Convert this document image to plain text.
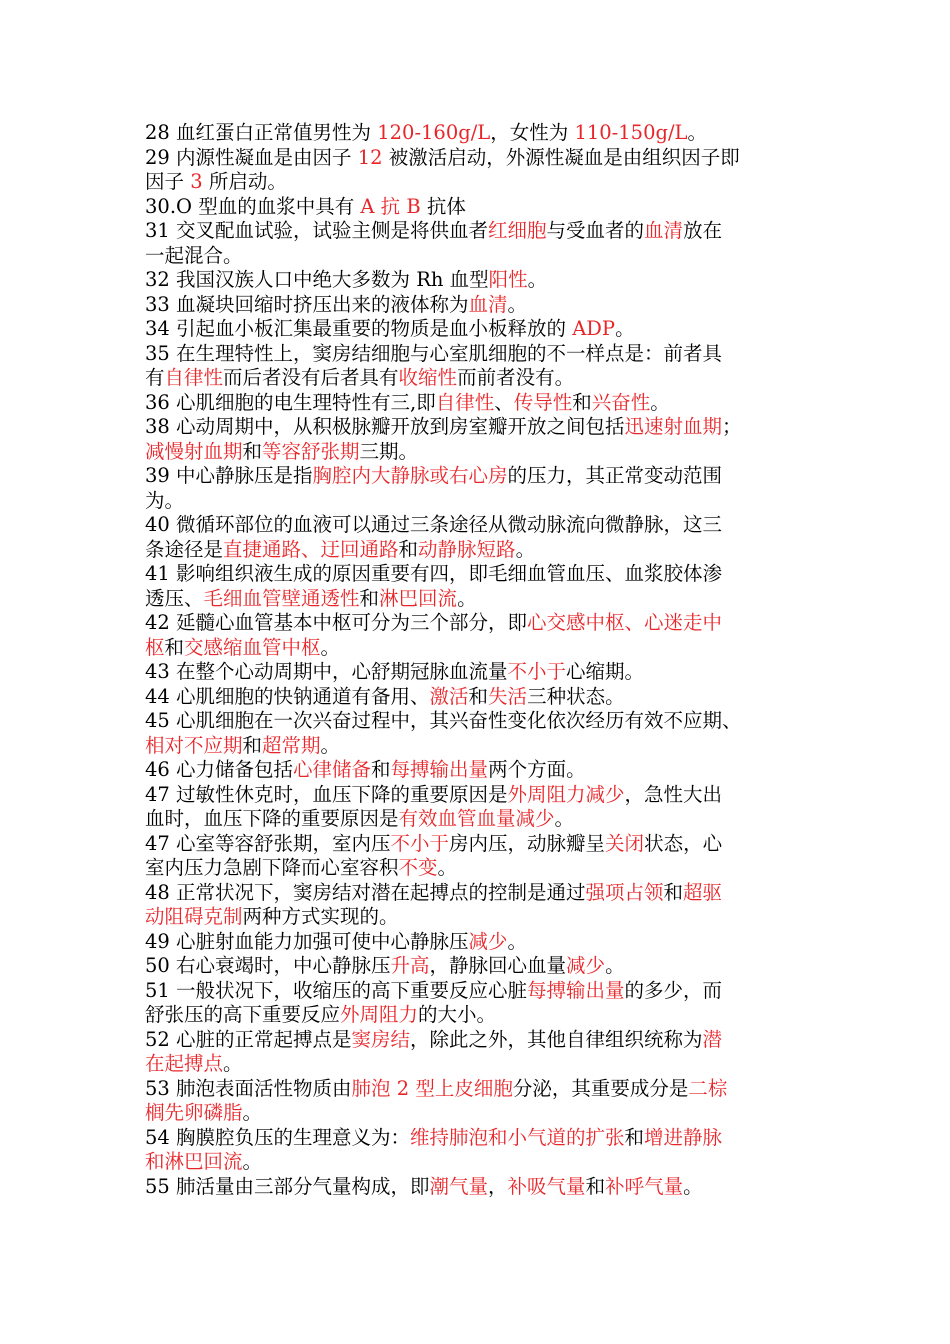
28 血红蛋白正常值男性为 120-160g/L，女性为 110-150g/L。
29 内源性凝血是由因子 12 被激活启动，外源性凝血是由组织因子即
因子 3 所启动。
30.O 型血的血浆中具有 A 抗 B 抗体
31 交叉配血试验，试验主侧是将供血者红细胞与受血者的血清放在
一起混合。
32 我国汉族人口中绝大多数为 Rh 血型阳性。
33 血凝块回缩时挤压出来的液体称为血清。
34 引起血小板汇集最重要的物质是血小板释放的 ADP。
35 在生理特性上，窦房结细胞与心室肌细胞的不一样点是：前者具
有自律性而后者没有后者具有收缩性而前者没有。
36 心肌细胞的电生理特性有三,即自律性、传导性和兴奋性。
38 心动周期中，从积极脉瓣开放到房室瓣开放之间包括迅速射血期；
减慢射血期和等容舒张期三期。
39 中心静脉压是指胸腔内大静脉或右心房的压力，其正常变动范围
为。
40 微循环部位的血液可以通过三条途径从微动脉流向微静脉，这三
条途径是直捷通路、迂回通路和动静脉短路。
41 影响组织液生成的原因重要有四，即毛细血管血压、血浆胶体渗
透压、毛细血管壁通透性和淋巴回流。
42 延髓心血管基本中枢可分为三个部分，即心交感中枢、心迷走中
枢和交感缩血管中枢。
43 在整个心动周期中，心舒期冠脉血流量不小于心缩期。
44 心肌细胞的快钠通道有备用、激活和失活三种状态。
45 心肌细胞在一次兴奋过程中，其兴奋性变化依次经历有效不应期、
相对不应期和超常期。
46 心力储备包括心律储备和每搏输出量两个方面。
47 过敏性休克时，血压下降的重要原因是外周阻力减少，急性大出
血时，血压下降的重要原因是有效血管血量减少。
47 心室等容舒张期，室内压不小于房内压，动脉瓣呈关闭状态，心
室内压力急剧下降而心室容积不变。
48 正常状况下，窦房结对潜在起搏点的控制是通过强项占领和超驱
动阻碍克制两种方式实现的。
49 心脏射血能力加强可使中心静脉压减少。
50 右心衰竭时，中心静脉压升高，静脉回心血量减少。
51 一般状况下，收缩压的高下重要反应心脏每搏输出量的多少，而
舒张压的高下重要反应外周阻力的大小。
52 心脏的正常起搏点是窦房结，除此之外，其他自律组织统称为潜
在起搏点。
53 肺泡表面活性物质由肺泡 2 型上皮细胞分泌，其重要成分是二棕
榈先卵磷脂。
54 胸膜腔负压的生理意义为：维持肺泡和小气道的扩张和增进静脉
和淋巴回流。
55 肺活量由三部分气量构成，即潮气量，补吸气量和补呼气量。
